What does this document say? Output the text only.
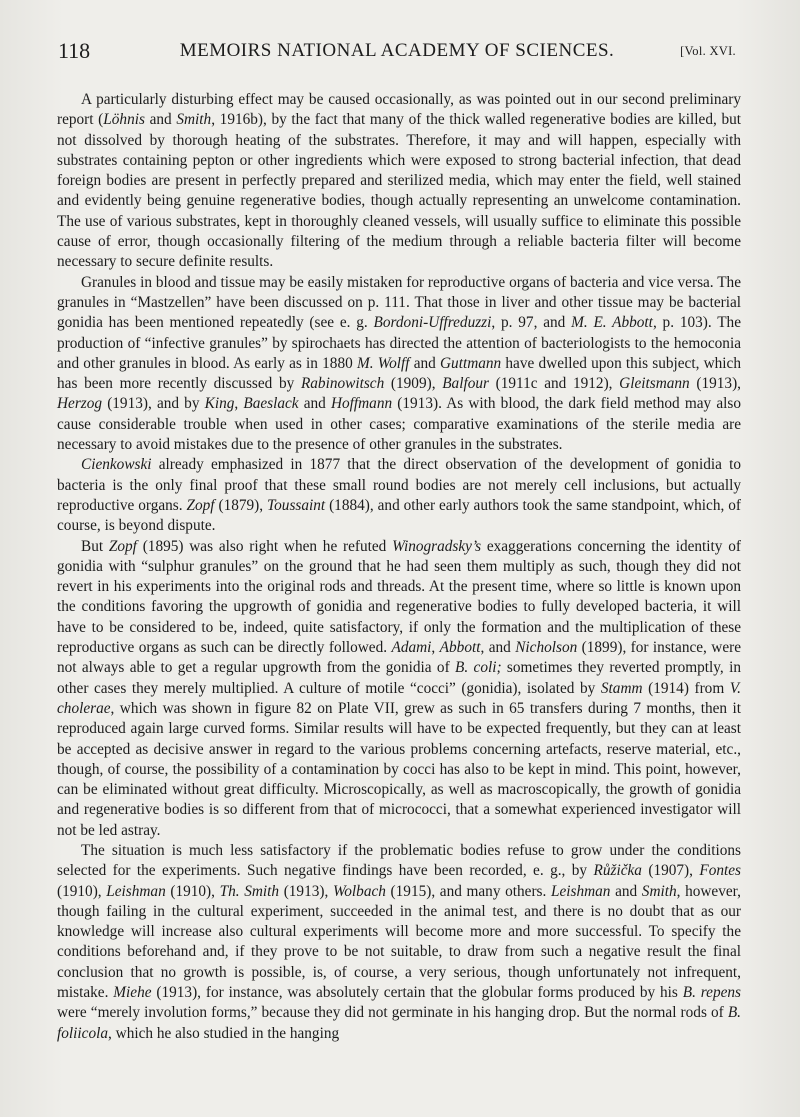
118	MEMOIRS NATIONAL ACADEMY OF SCIENCES.	[Vol. XVI.

A particularly disturbing effect may be caused occasionally, as was pointed out in our second preliminary report (Löhnis and Smith, 1916b), by the fact that many of the thick walled regenerative bodies are killed, but not dissolved by thorough heating of the substrates. Therefore, it may and will happen, especially with substrates containing pepton or other ingredients which were exposed to strong bacterial infection, that dead foreign bodies are present in perfectly prepared and sterilized media, which may enter the field, well stained and evidently being genuine regenerative bodies, though actually representing an unwelcome contamination. The use of various substrates, kept in thoroughly cleaned vessels, will usually suffice to eliminate this possible cause of error, though occasionally filtering of the medium through a reliable bacteria filter will become necessary to secure definite results.

Granules in blood and tissue may be easily mistaken for reproductive organs of bacteria and vice versa. The granules in “Mastzellen” have been discussed on p. 111. That those in liver and other tissue may be bacterial gonidia has been mentioned repeatedly (see e. g. Bordoni-Uffreduzzi, p. 97, and M. E. Abbott, p. 103). The production of “infective granules” by spirochaets has directed the attention of bacteriologists to the hemoconia and other granules in blood. As early as in 1880 M. Wolff and Guttmann have dwelled upon this subject, which has been more recently discussed by Rabinowitsch (1909), Balfour (1911c and 1912), Gleitsmann (1913), Herzog (1913), and by King, Baeslack and Hoffmann (1913). As with blood, the dark field method may also cause considerable trouble when used in other cases; comparative examinations of the sterile media are necessary to avoid mistakes due to the presence of other granules in the substrates.

Cienkowski already emphasized in 1877 that the direct observation of the development of gonidia to bacteria is the only final proof that these small round bodies are not merely cell inclusions, but actually reproductive organs. Zopf (1879), Toussaint (1884), and other early authors took the same standpoint, which, of course, is beyond dispute.

But Zopf (1895) was also right when he refuted Winogradsky’s exaggerations concerning the identity of gonidia with “sulphur granules” on the ground that he had seen them multiply as such, though they did not revert in his experiments into the original rods and threads. At the present time, where so little is known upon the conditions favoring the upgrowth of gonidia and regenerative bodies to fully developed bacteria, it will have to be considered to be, indeed, quite satisfactory, if only the formation and the multiplication of these reproductive organs as such can be directly followed. Adami, Abbott, and Nicholson (1899), for instance, were not always able to get a regular upgrowth from the gonidia of B. coli; sometimes they reverted promptly, in other cases they merely multiplied. A culture of motile “cocci” (gonidia), isolated by Stamm (1914) from V. cholerae, which was shown in figure 82 on Plate VII, grew as such in 65 transfers during 7 months, then it reproduced again large curved forms. Similar results will have to be expected frequently, but they can at least be accepted as decisive answer in regard to the various problems concerning artefacts, reserve material, etc., though, of course, the possibility of a contamination by cocci has also to be kept in mind. This point, however, can be eliminated without great difficulty. Microscopically, as well as macroscopically, the growth of gonidia and regenerative bodies is so different from that of micrococci, that a somewhat experienced investigator will not be led astray.

The situation is much less satisfactory if the problematic bodies refuse to grow under the conditions selected for the experiments. Such negative findings have been recorded, e. g., by Růžička (1907), Fontes (1910), Leishman (1910), Th. Smith (1913), Wolbach (1915), and many others. Leishman and Smith, however, though failing in the cultural experiment, succeeded in the animal test, and there is no doubt that as our knowledge will increase also cultural experiments will become more and more successful. To specify the conditions beforehand and, if they prove to be not suitable, to draw from such a negative result the final conclusion that no growth is possible, is, of course, a very serious, though unfortunately not infrequent, mistake. Miehe (1913), for instance, was absolutely certain that the globular forms produced by his B. repens were “merely involution forms,” because they did not germinate in his hanging drop. But the normal rods of B. foliicola, which he also studied in the hanging
